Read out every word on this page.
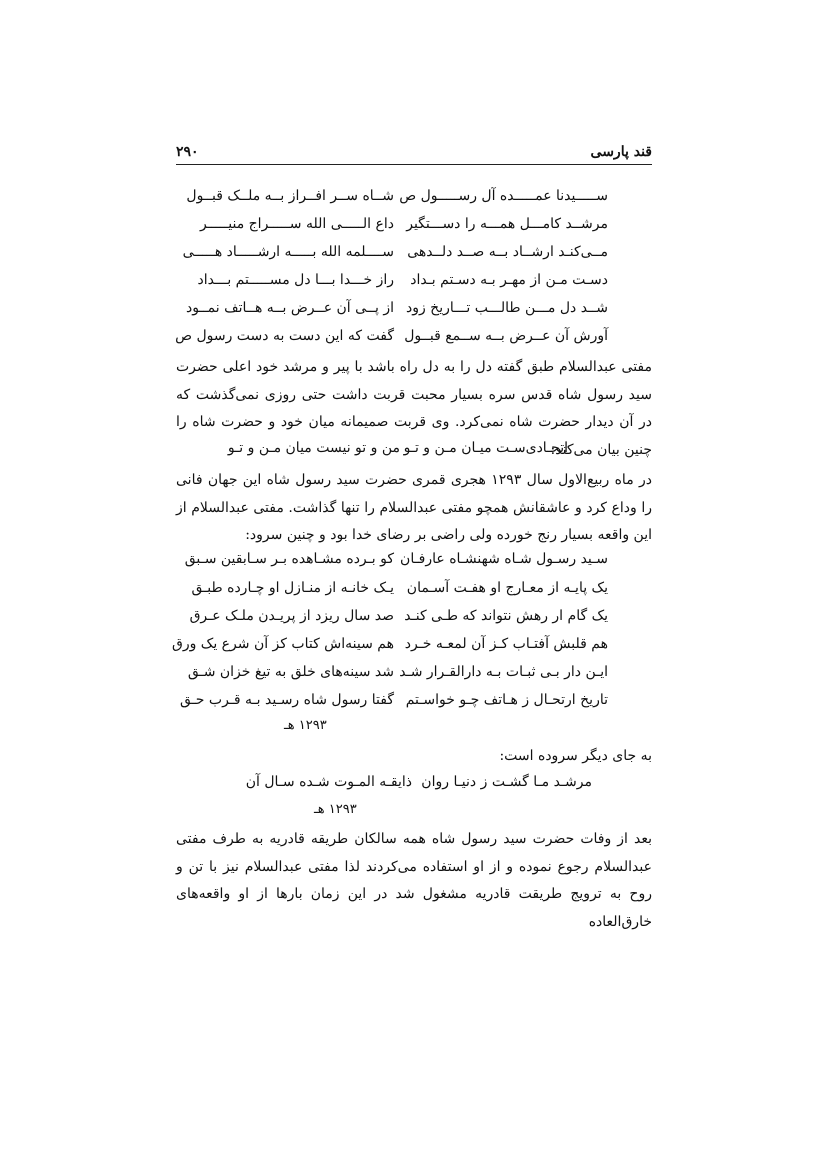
قند پارسی
۲۹۰
ســـــیدنا عمـــــده آل رســـــول ص
شــاه ســر افــراز بــه ملــک قبــول
مرشــد کامـــل همـــه را دســـتگیر
داع الـــــی الله ســـــراج منیـــــر
مــی‌کنـد ارشــاد بــه صــد دلــدهی
ســــلمه الله بـــــه ارشـــــاد هـــــی
دسـت مـن از مهـر بـه دسـتم بـداد
راز خـــدا بـــا دل مســـــتم بـــداد
شــد دل مـــن طالـــب تـــاریخ زود
از پــی آن عــرض بــه هــاتف نمــود
آورش آن عــرض بــه ســمع قبــول
گفت که این دست به دست رسول ص
مفتی عبدالسلام طبق گفته دل را به دل راه باشد با پیر و مرشد خود اعلی حضرت سید رسول شاه قدس سره بسیار محبت قربت داشت حتی روزی نمی‌گذشت که در آن دیدار حضرت شاه نمی‌کرد. وی قربت صمیمانه میان خود و حضرت شاه را چنین بیان می‌کند:
اتحـادی‌سـت میـان مـن و تـو
من و تو نیست میان مـن و تـو
در ماه ربیع‌الاول سال ۱۲۹۳ هجری قمری حضرت سید رسول شاه این جهان فانی را وداع کرد و عاشقانش همچو مفتی عبدالسلام را تنها گذاشت. مفتی عبدالسلام از این واقعه بسیار رنج خورده ولی راضی بر رضای خدا بود و چنین سرود:
سـید رسـول شـاه شهنشـاه عارفـان
کو بـرده مشـاهده بـر سـابقین سـبق
یک پایـه از معـارج او هفـت آسـمان
یـک خانـه از منـازل او چـارده طبـق
یک گام ار رهش نتواند که طـی کنـد
صد سال ریزد از پریـدن ملـک عـرق
هم قلبش آفتـاب کـز آن لمعـه خـرد
هم سینه‌اش کتاب کز آن شرع یک ورق
ایـن دار بـی ثبـات بـه دارالقـرار شـد
شد سینه‌های خلق به تیغ خزان شـق
تاریخ ارتحـال ز هـاتف چـو خواسـتم
گفتا رسول شاه رسـید بـه قـرب حـق
۱۲۹۳ هـ
به جای دیگر سروده است:
مرشـد مـا گشـت ز دنیـا روان
ذایقـه المـوت شـده سـال آن
۱۲۹۳ هـ
بعد از وفات حضرت سید رسول شاه همه سالکان طریقه قادریه به طرف مفتی عبدالسلام رجوع نموده و از او استفاده می‌کردند لذا مفتی عبدالسلام نیز با تن و روح به ترویج طریقت قادریه مشغول شد در این زمان بارها از او واقعه‌های خارق‌العاده
